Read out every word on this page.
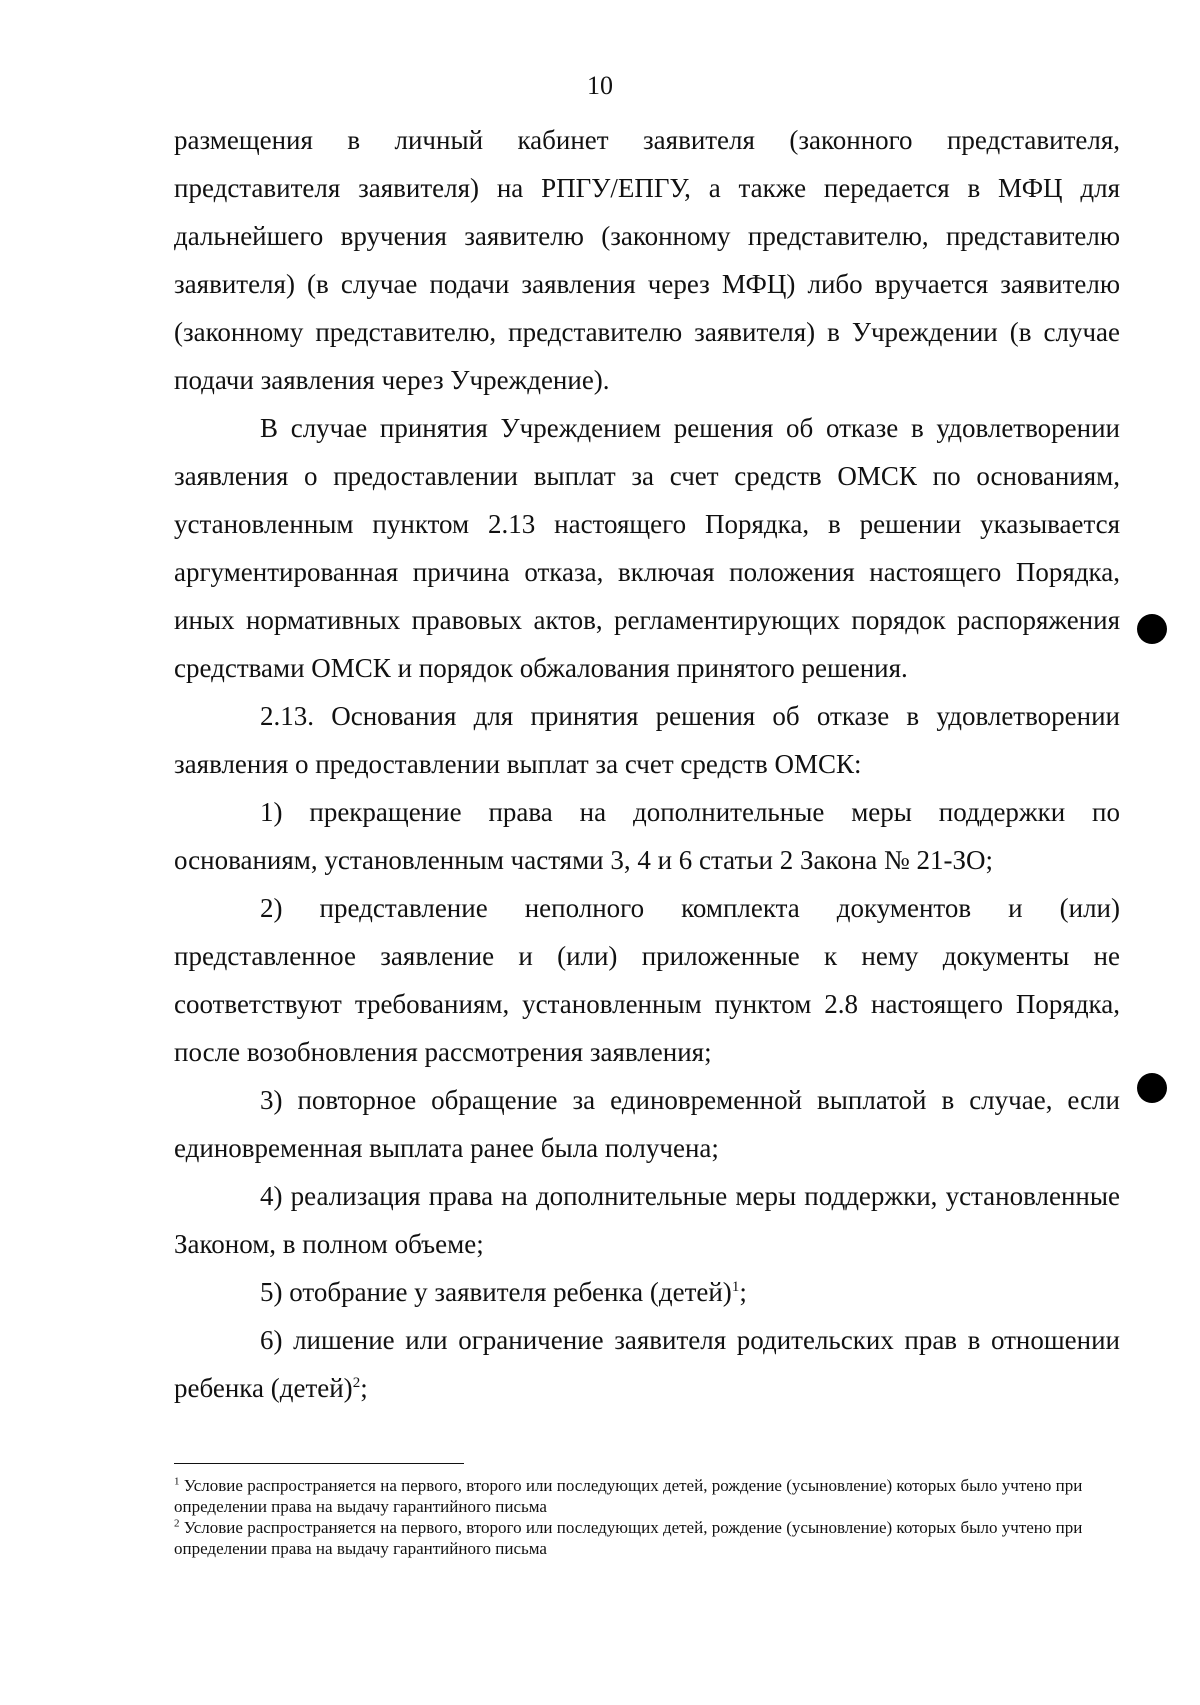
10

размещения в личный кабинет заявителя (законного представителя, представителя заявителя) на РПГУ/ЕПГУ, а также передается в МФЦ для дальнейшего вручения заявителю (законному представителю, представителю заявителя) (в случае подачи заявления через МФЦ) либо вручается заявителю (законному представителю, представителю заявителя) в Учреждении (в случае подачи заявления через Учреждение).

В случае принятия Учреждением решения об отказе в удовлетворении заявления о предоставлении выплат за счет средств ОМСК по основаниям, установленным пунктом 2.13 настоящего Порядка, в решении указывается аргументированная причина отказа, включая положения настоящего Порядка, иных нормативных правовых актов, регламентирующих порядок распоряжения средствами ОМСК и порядок обжалования принятого решения.

2.13. Основания для принятия решения об отказе в удовлетворении заявления о предоставлении выплат за счет средств ОМСК:

1) прекращение права на дополнительные меры поддержки по основаниям, установленным частями 3, 4 и 6 статьи 2 Закона № 21-ЗО;

2) представление неполного комплекта документов и (или) представленное заявление и (или) приложенные к нему документы не соответствуют требованиям, установленным пунктом 2.8 настоящего Порядка, после возобновления рассмотрения заявления;

3) повторное обращение за единовременной выплатой в случае, если единовременная выплата ранее была получена;

4) реализация права на дополнительные меры поддержки, установленные Законом, в полном объеме;

5) отобрание у заявителя ребенка (детей)$^1$;

6) лишение или ограничение заявителя родительских прав в отношении ребенка (детей)$^2$;

$^1$ Условие распространяется на первого, второго или последующих детей, рождение (усыновление) которых было учтено при определении права на выдачу гарантийного письма

$^2$ Условие распространяется на первого, второго или последующих детей, рождение (усыновление) которых было учтено при определении права на выдачу гарантийного письма
